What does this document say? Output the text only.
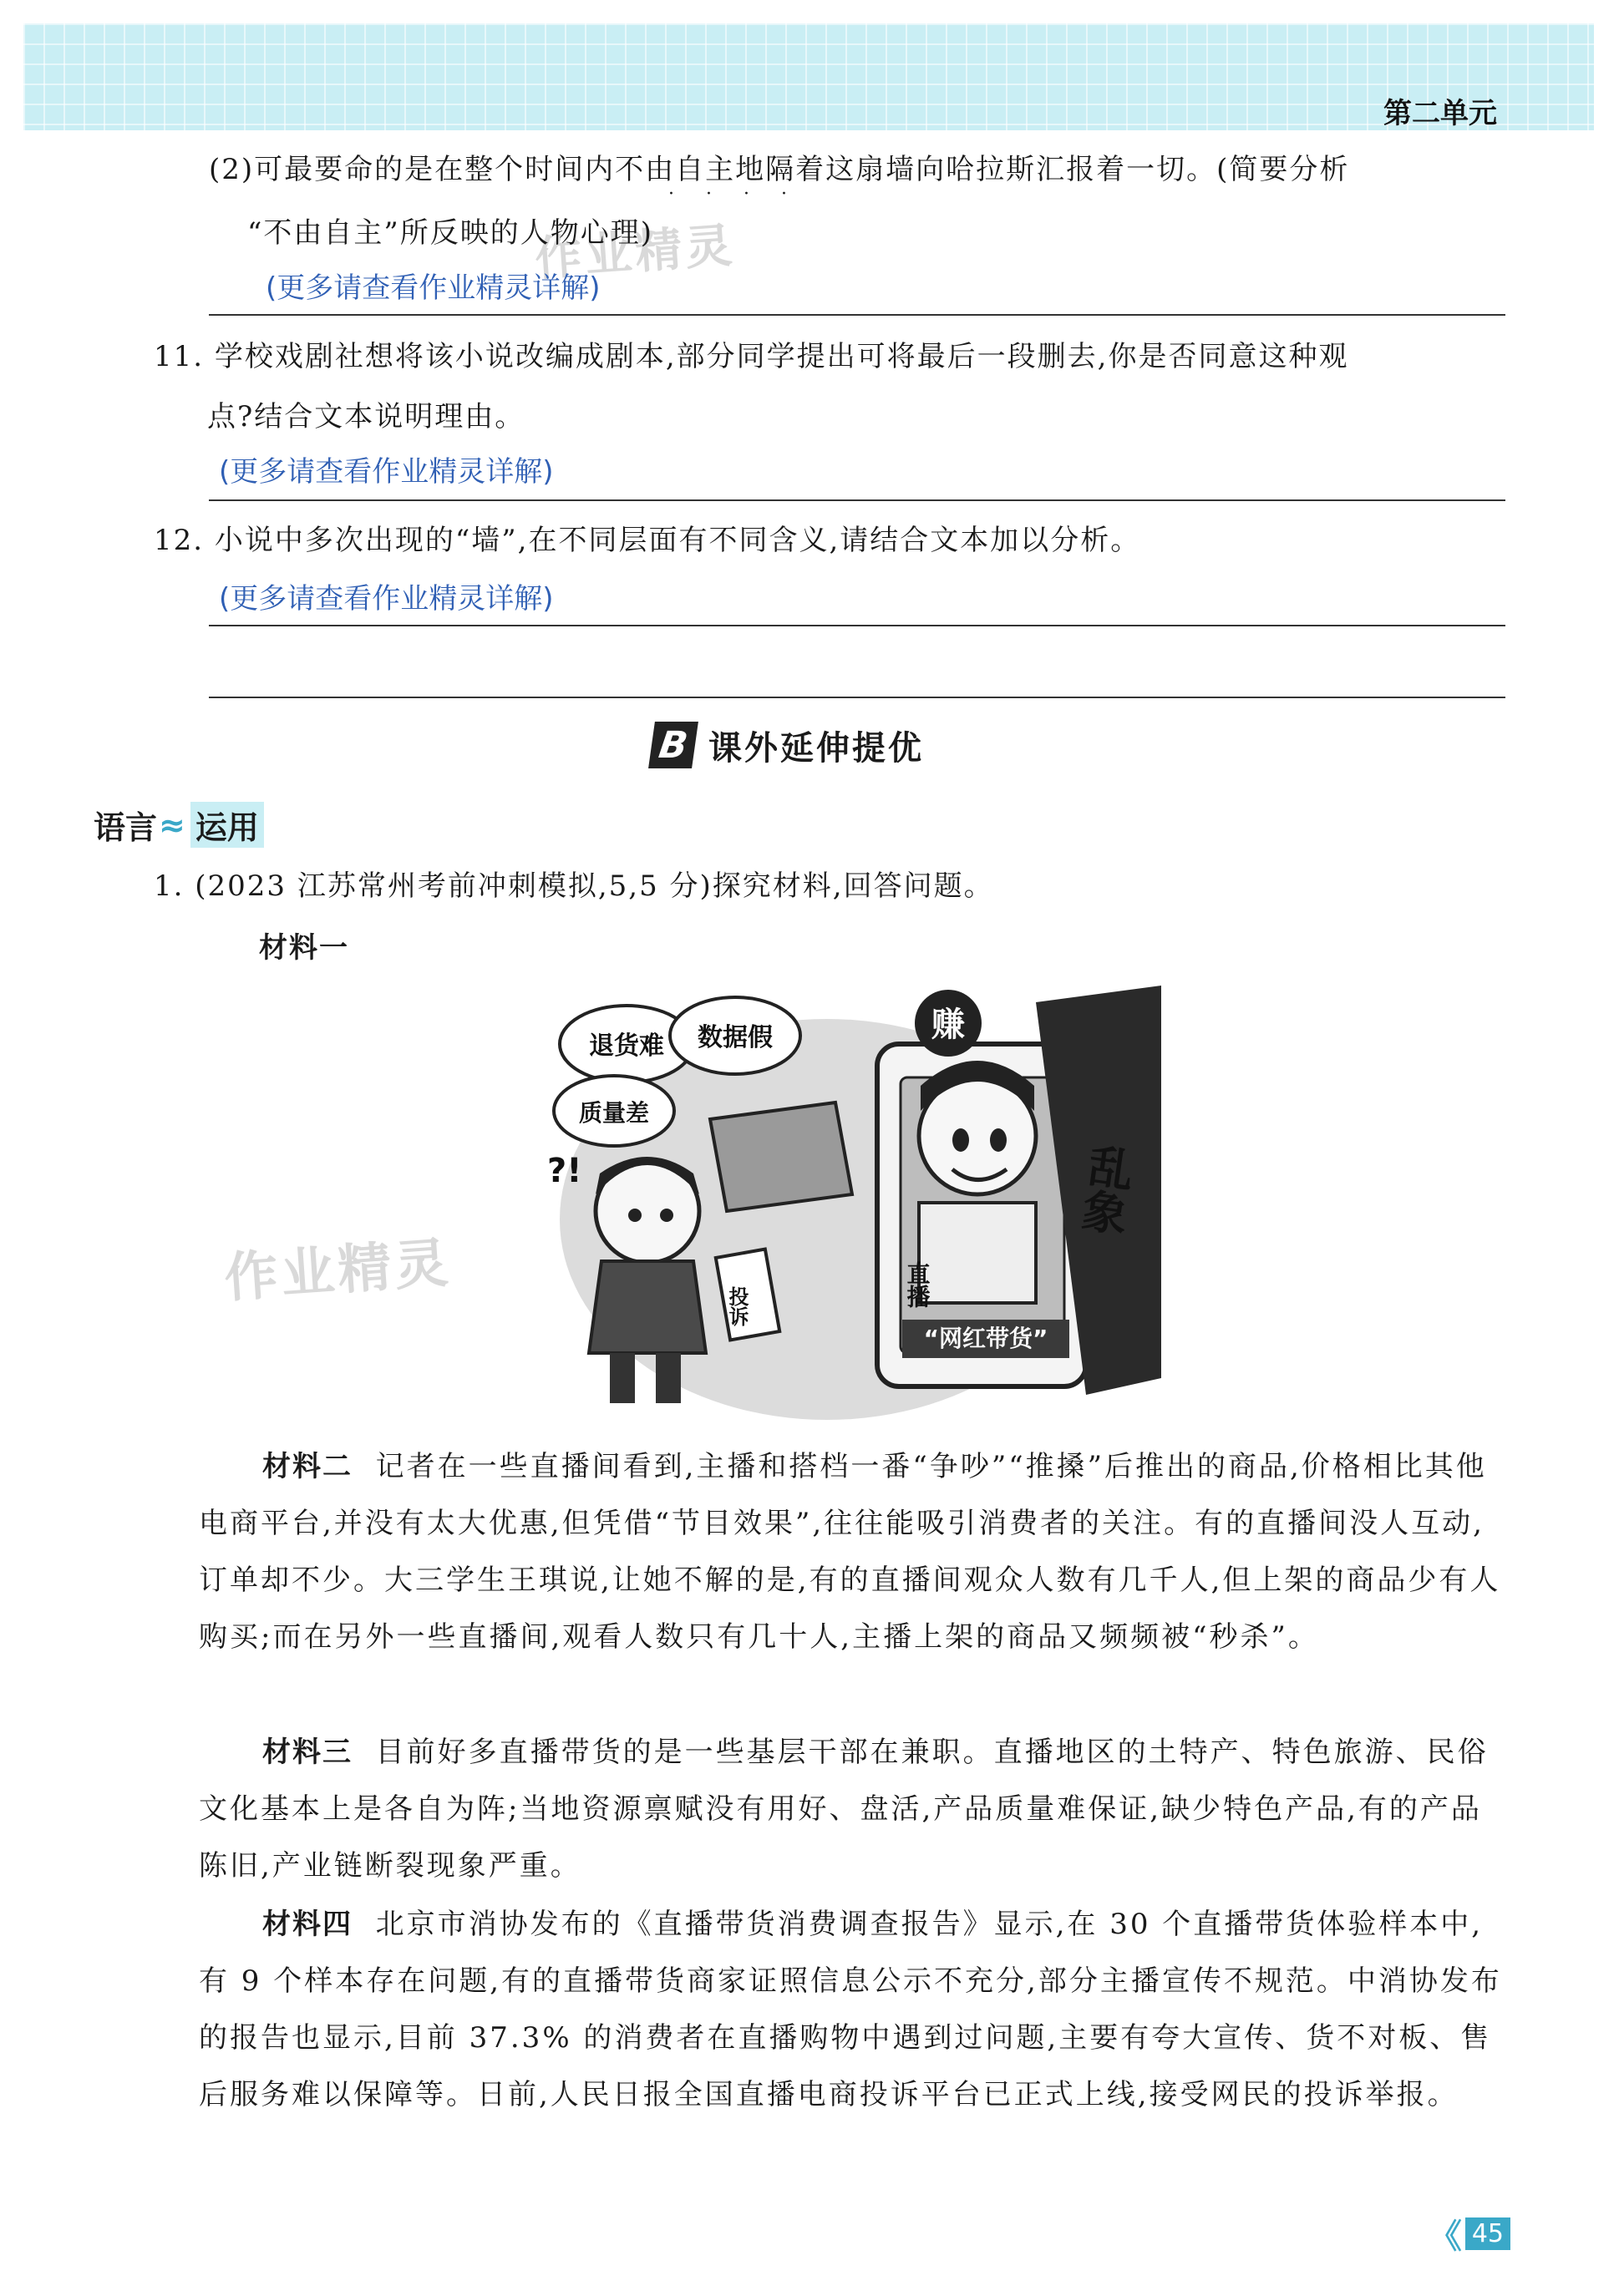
第二单元
作业精灵
(2)可最要命的是在整个时间内不由自主地隔着这扇墙向哈拉斯汇报着一切。(简要分析
····
“不由自主”所反映的人物心理)
(更多请查看作业精灵详解)
11. 学校戏剧社想将该小说改编成剧本,部分同学提出可将最后一段删去,你是否同意这种观
点?结合文本说明理由。
(更多请查看作业精灵详解)
12. 小说中多次出现的“墙”,在不同层面有不同含义,请结合文本加以分析。
(更多请查看作业精灵详解)
B 课外延伸提优
语言 ≈ 运用
1. (2023 江苏常州考前冲刺模拟,5,5 分)探究材料,回答问题。
材料一
乱象
赚
直播
“网红带货”
退货难 数据假
质量差
?!
投诉
作业精灵
材料二 记者在一些直播间看到,主播和搭档一番“争吵”“推搡”后推出的商品,价格相比其他电商平台,并没有太大优惠,但凭借“节目效果”,往往能吸引消费者的关注。有的直播间没人互动,订单却不少。大三学生王琪说,让她不解的是,有的直播间观众人数有几千人,但上架的商品少有人购买;而在另外一些直播间,观看人数只有几十人,主播上架的商品又频频被“秒杀”。
材料三 目前好多直播带货的是一些基层干部在兼职。直播地区的土特产、特色旅游、民俗文化基本上是各自为阵;当地资源禀赋没有用好、盘活,产品质量难保证,缺少特色产品,有的产品陈旧,产业链断裂现象严重。
材料四 北京市消协发布的《直播带货消费调查报告》显示,在 30 个直播带货体验样本中,有 9 个样本存在问题,有的直播带货商家证照信息公示不充分,部分主播宣传不规范。中消协发布的报告也显示,目前 37.3% 的消费者在直播购物中遇到过问题,主要有夸大宣传、货不对板、售后服务难以保障等。日前,人民日报全国直播电商投诉平台已正式上线,接受网民的投诉举报。
《 45
